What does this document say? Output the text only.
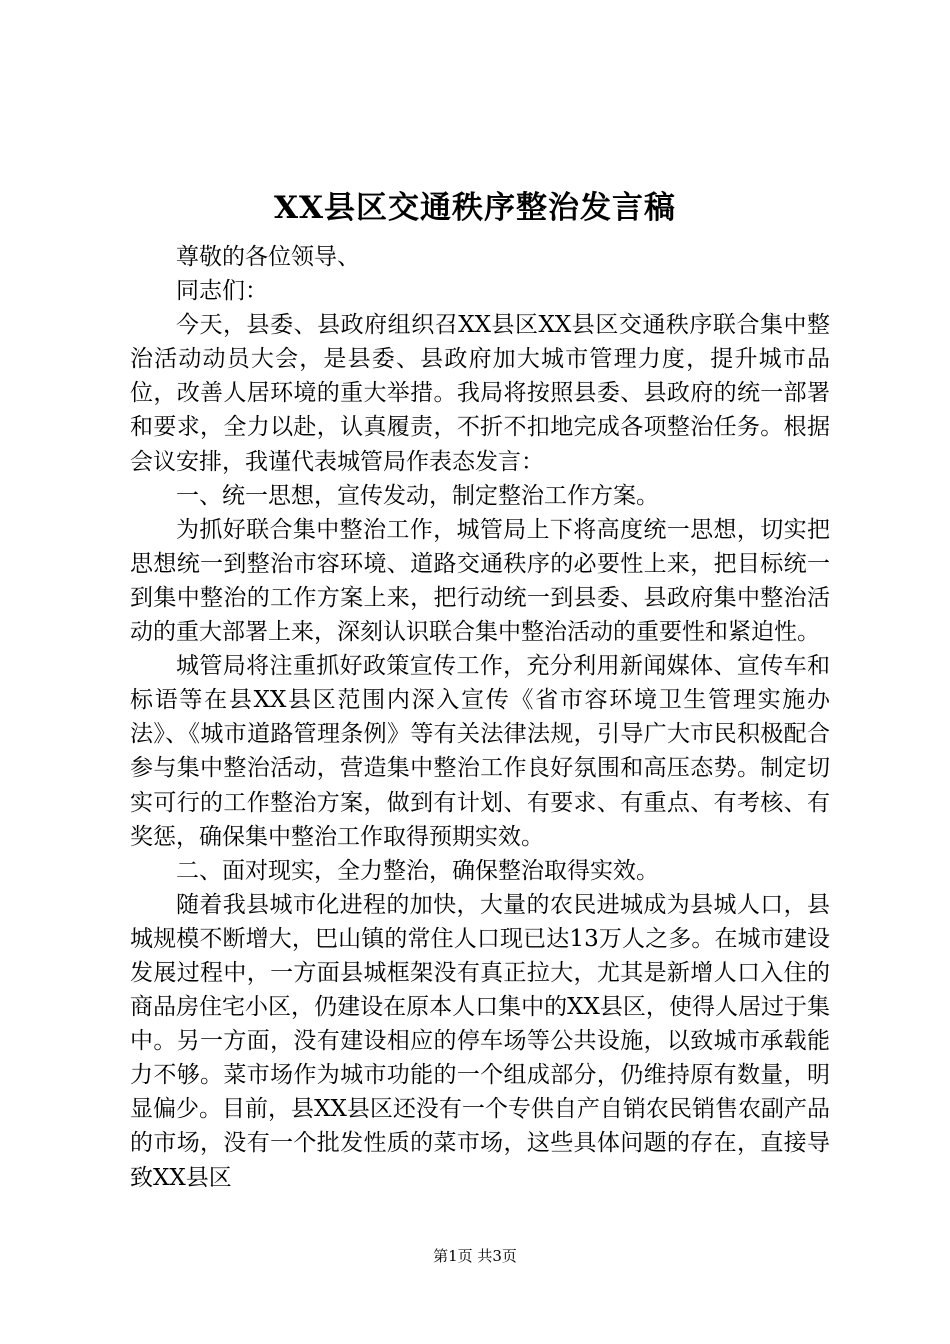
XX县区交通秩序整治发言稿

尊敬的各位领导、

同志们：

今天，县委、县政府组织召XX县区XX县区交通秩序联合集中整治活动动员大会，是县委、县政府加大城市管理力度，提升城市品位，改善人居环境的重大举措。我局将按照县委、县政府的统一部署和要求，全力以赴，认真履责，不折不扣地完成各项整治任务。根据会议安排，我谨代表城管局作表态发言：

一、统一思想，宣传发动，制定整治工作方案。

为抓好联合集中整治工作，城管局上下将高度统一思想，切实把思想统一到整治市容环境、道路交通秩序的必要性上来，把目标统一到集中整治的工作方案上来，把行动统一到县委、县政府集中整治活动的重大部署上来，深刻认识联合集中整治活动的重要性和紧迫性。

城管局将注重抓好政策宣传工作，充分利用新闻媒体、宣传车和标语等在县XX县区范围内深入宣传《省市容环境卫生管理实施办法》、《城市道路管理条例》等有关法律法规，引导广大市民积极配合参与集中整治活动，营造集中整治工作良好氛围和高压态势。制定切实可行的工作整治方案，做到有计划、有要求、有重点、有考核、有奖惩，确保集中整治工作取得预期实效。

二、面对现实，全力整治，确保整治取得实效。

随着我县城市化进程的加快，大量的农民进城成为县城人口，县城规模不断增大，巴山镇的常住人口现已达13万人之多。在城市建设发展过程中，一方面县城框架没有真正拉大，尤其是新增人口入住的商品房住宅小区，仍建设在原本人口集中的XX县区，使得人居过于集中。另一方面，没有建设相应的停车场等公共设施，以致城市承载能力不够。菜市场作为城市功能的一个组成部分，仍维持原有数量，明显偏少。目前，县XX县区还没有一个专供自产自销农民销售农副产品的市场，没有一个批发性质的菜市场，这些具体问题的存在，直接导致XX县区

第1页 共3页
